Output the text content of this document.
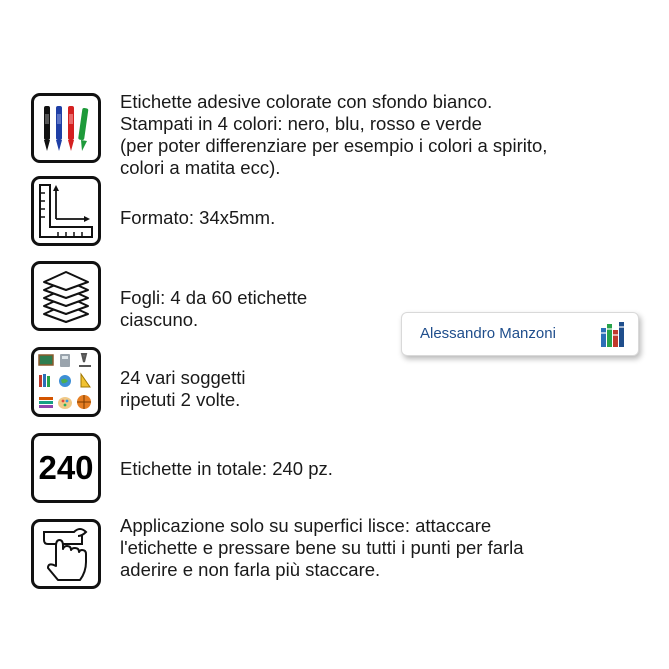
Etichette adesive colorate con sfondo bianco.
Stampati in 4 colori: nero, blu, rosso e verde
(per poter differenziare per esempio i colori a spirito,
colori a matita ecc).
Formato: 34x5mm.
Fogli: 4 da 60 etichette
ciascuno.
24 vari soggetti
ripetuti 2 volte.
240 Etichette in totale: 240 pz.
Applicazione solo su superfici lisce: attaccare
l'etichette e pressare bene su tutti i punti per farla
aderire e non farla più staccare.
Alessandro Manzoni
